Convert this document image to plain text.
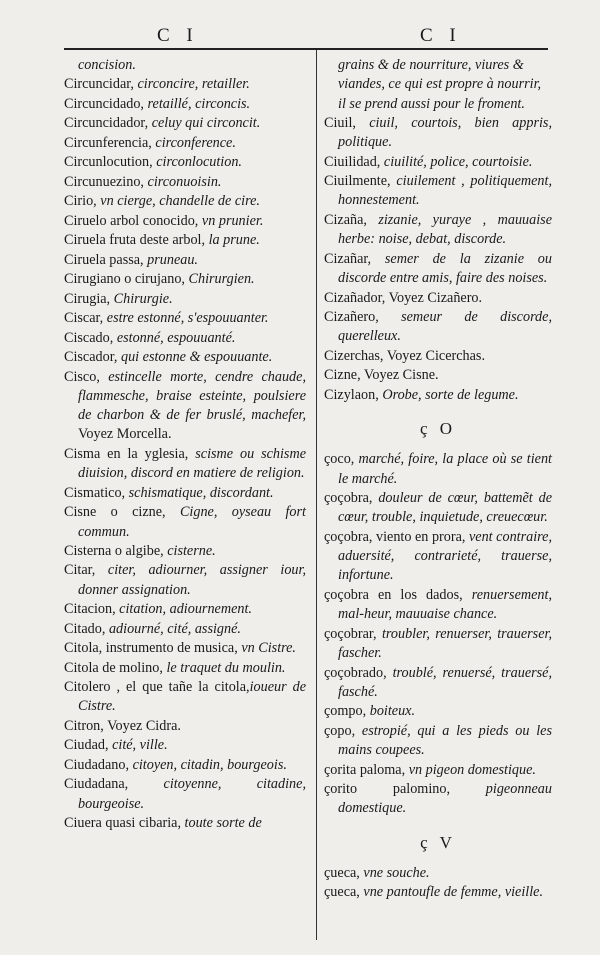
C I	C I
concision.
Circuncidar, circoncire, retailler.
Circuncidado, retaillé, circoncis.
Circuncidador, celuy qui circoncit.
Circunferencia, circonference.
Circunlocution, circonlocution.
Circunuezino, circonuoisin.
Cirio, vn cierge, chandelle de cire.
Ciruelo arbol conocido, vn prunier.
Ciruela fruta deste arbol, la prune.
Ciruela passa, pruneau.
Cirugiano o cirujano, Chirurgien.
Cirugia, Chirurgie.
Ciscar, estre estonné, s'espouuanter.
Ciscado, estonné, espouuanté.
Ciscador, qui estonne & espouuante.
Cisco, estincelle morte, cendre chaude, flammesche, braise esteinte, poulsiere de charbon & de fer bruslé, machefer, Voyez Morcella.
Cisma en la yglesia, scisme ou schisme diuision, discord en matiere de religion.
Cismatico, schismatique, discordant.
Cisne o cizne, Cigne, oyseau fort commun.
Cisterna o algibe, cisterne.
Citar, citer, adiourner, assigner iour, donner assignation.
Citacion, citation, adiournement.
Citado, adiourné, cité, assigné.
Citola, instrumento de musica, vn Cistre.
Citola de molino, le traquet du moulin.
Citolero , el que tañe la citola,ioueur de Cistre.
Citron, Voyez Cidra.
Ciudad, cité, ville.
Ciudadano, citoyen, citadin, bourgeois.
Ciudadana, citoyenne, citadine, bourgeoise.
Ciuera quasi cibaria, toute sorte de
grains & de nourriture, viures & viandes, ce qui est propre à nourrir, il se prend aussi pour le froment.
Ciuil, ciuil, courtois, bien appris, politique.
Ciuilidad, ciuilité, police, courtoisie.
Ciuilmente, ciuilement , politiquement, honnestement.
Cizaña, zizanie, yuraye , mauuaise herbe: noise, debat, discorde.
Cizañar, semer de la zizanie ou discorde entre amis, faire des noises.
Cizañador, Voyez Cizañero.
Cizañero, semeur de discorde, querelleux.
Cizerchas, Voyez Cicerchas.
Cizne, Voyez Cisne.
Cizylaon, Orobe, sorte de legume.
ç O
çoco, marché, foire, la place où se tient le marché.
çoçobra, douleur de cœur, battemẽt de cœur, trouble, inquietude, creuecœur.
çoçobra, viento en prora, vent contraire, aduersité, contrarieté, trauerse, infortune.
çoçobra en los dados, renuersement, mal-heur, mauuaise chance.
çoçobrar, troubler, renuerser, trauerser, fascher.
çoçobrado, troublé, renuersé, trauersé, fasché.
çompo, boiteux.
çopo, estropié, qui a les pieds ou les mains coupees.
çorita paloma, vn pigeon domestique.
çorito palomino, pigeonneau domestique.
ç V
çueca, vne souche.
çueca, vne pantoufle de femme, vieille.
